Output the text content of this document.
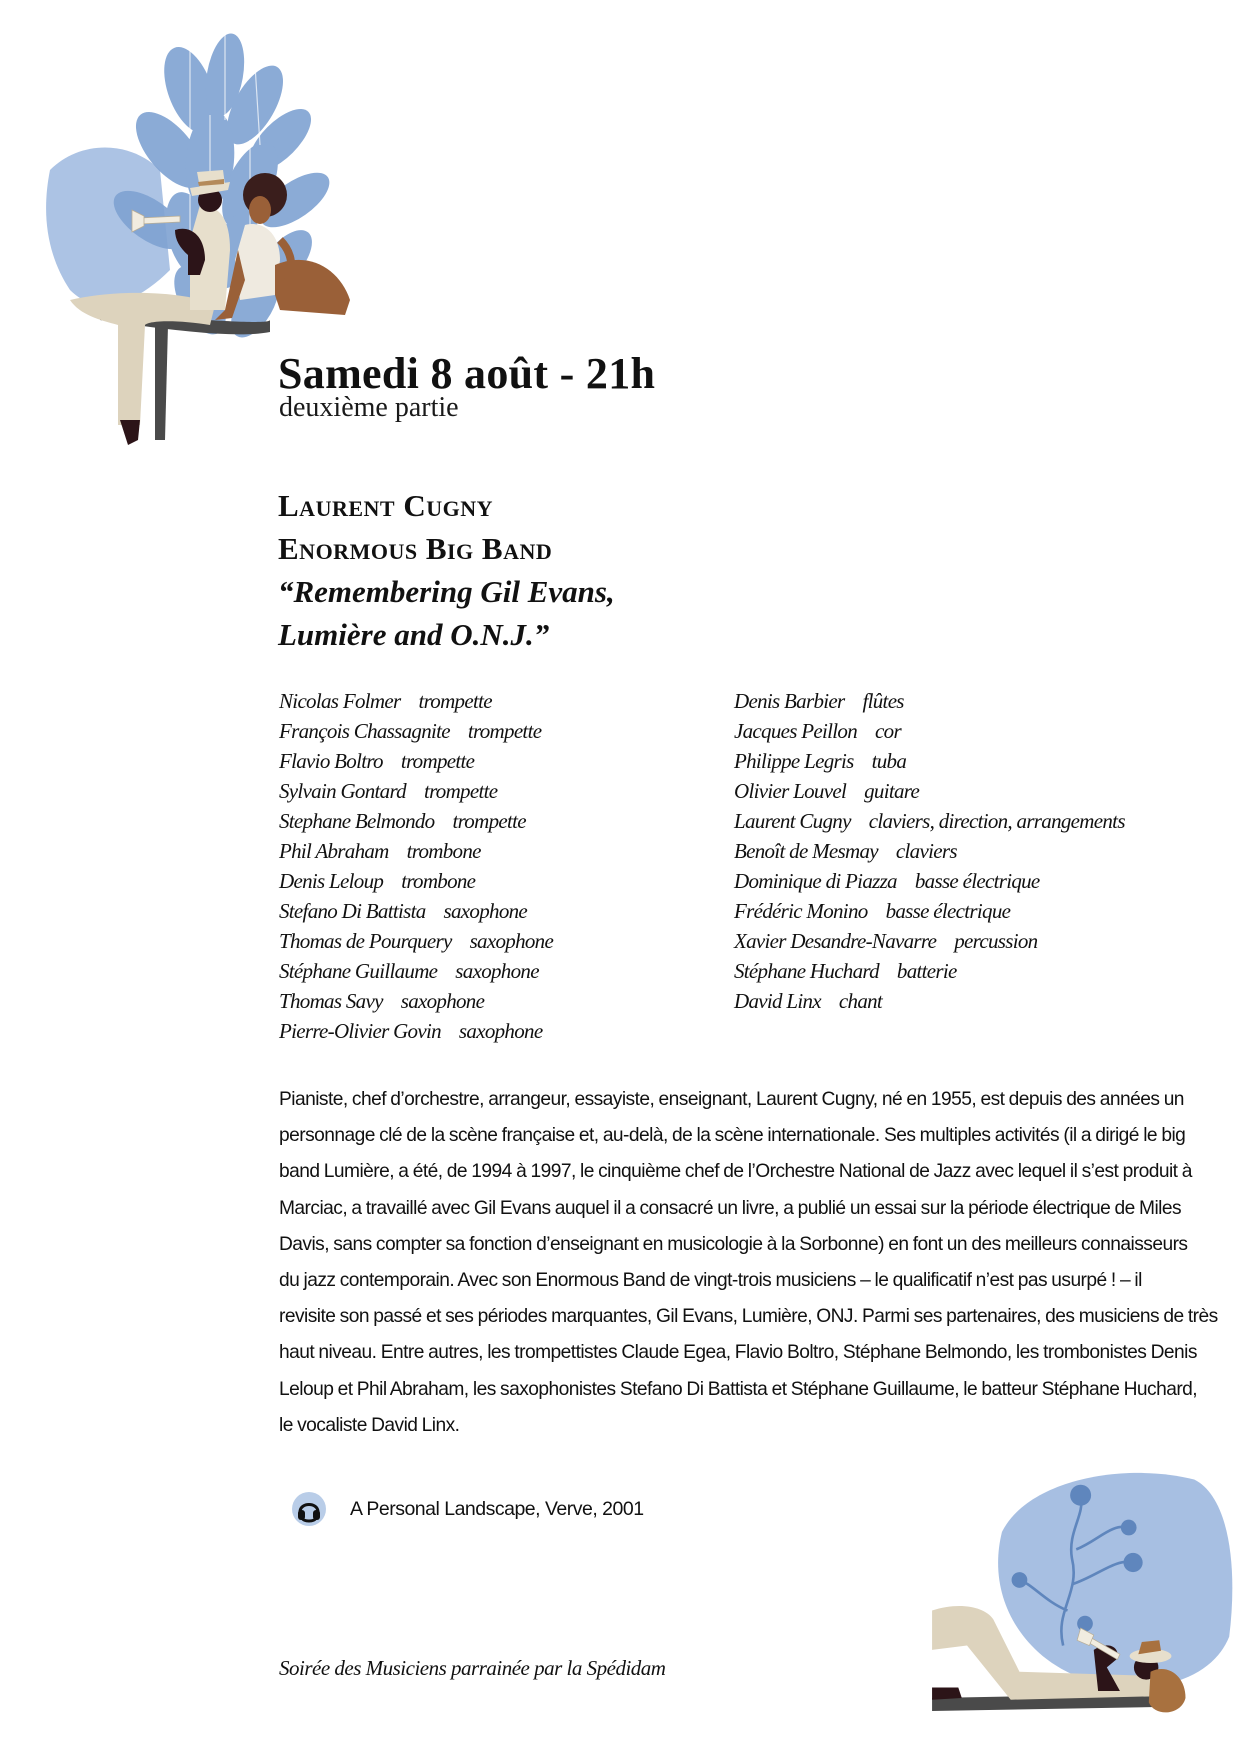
Samedi 8 août - 21h
deuxième partie
Laurent Cugny
Enormous Big Band
“Remembering Gil Evans,
Lumière and O.N.J.”
Nicolas Folmer trompette
François Chassagnite trompette
Flavio Boltro trompette
Sylvain Gontard trompette
Stephane Belmondo trompette
Phil Abraham trombone
Denis Leloup trombone
Stefano Di Battista saxophone
Thomas de Pourquery saxophone
Stéphane Guillaume saxophone
Thomas Savy saxophone
Pierre-Olivier Govin saxophone
Denis Barbier flûtes
Jacques Peillon cor
Philippe Legris tuba
Olivier Louvel guitare
Laurent Cugny claviers, direction, arrangements
Benoît de Mesmay claviers
Dominique di Piazza basse électrique
Frédéric Monino basse électrique
Xavier Desandre-Navarre percussion
Stéphane Huchard batterie
David Linx chant
Pianiste, chef d’orchestre, arrangeur, essayiste, enseignant, Laurent Cugny, né en 1955, est depuis des années un
personnage clé de la scène française et, au-delà, de la scène internationale. Ses multiples activités (il a dirigé le big
band Lumière, a été, de 1994 à 1997, le cinquième chef de l’Orchestre National de Jazz avec lequel il s’est produit à
Marciac, a travaillé avec Gil Evans auquel il a consacré un livre, a publié un essai sur la période électrique de Miles
Davis, sans compter sa fonction d’enseignant en musicologie à la Sorbonne) en font un des meilleurs connaisseurs
du jazz contemporain. Avec son Enormous Band de vingt-trois musiciens – le qualificatif n’est pas usurpé ! – il
revisite son passé et ses périodes marquantes, Gil Evans, Lumière, ONJ. Parmi ses partenaires, des musiciens de très
haut niveau. Entre autres, les trompettistes Claude Egea, Flavio Boltro, Stéphane Belmondo, les trombonistes Denis
Leloup et Phil Abraham, les saxophonistes Stefano Di Battista et Stéphane Guillaume, le batteur Stéphane Huchard,
le vocaliste David Linx.
A Personal Landscape, Verve, 2001
Soirée des Musiciens parrainée par la Spédidam
